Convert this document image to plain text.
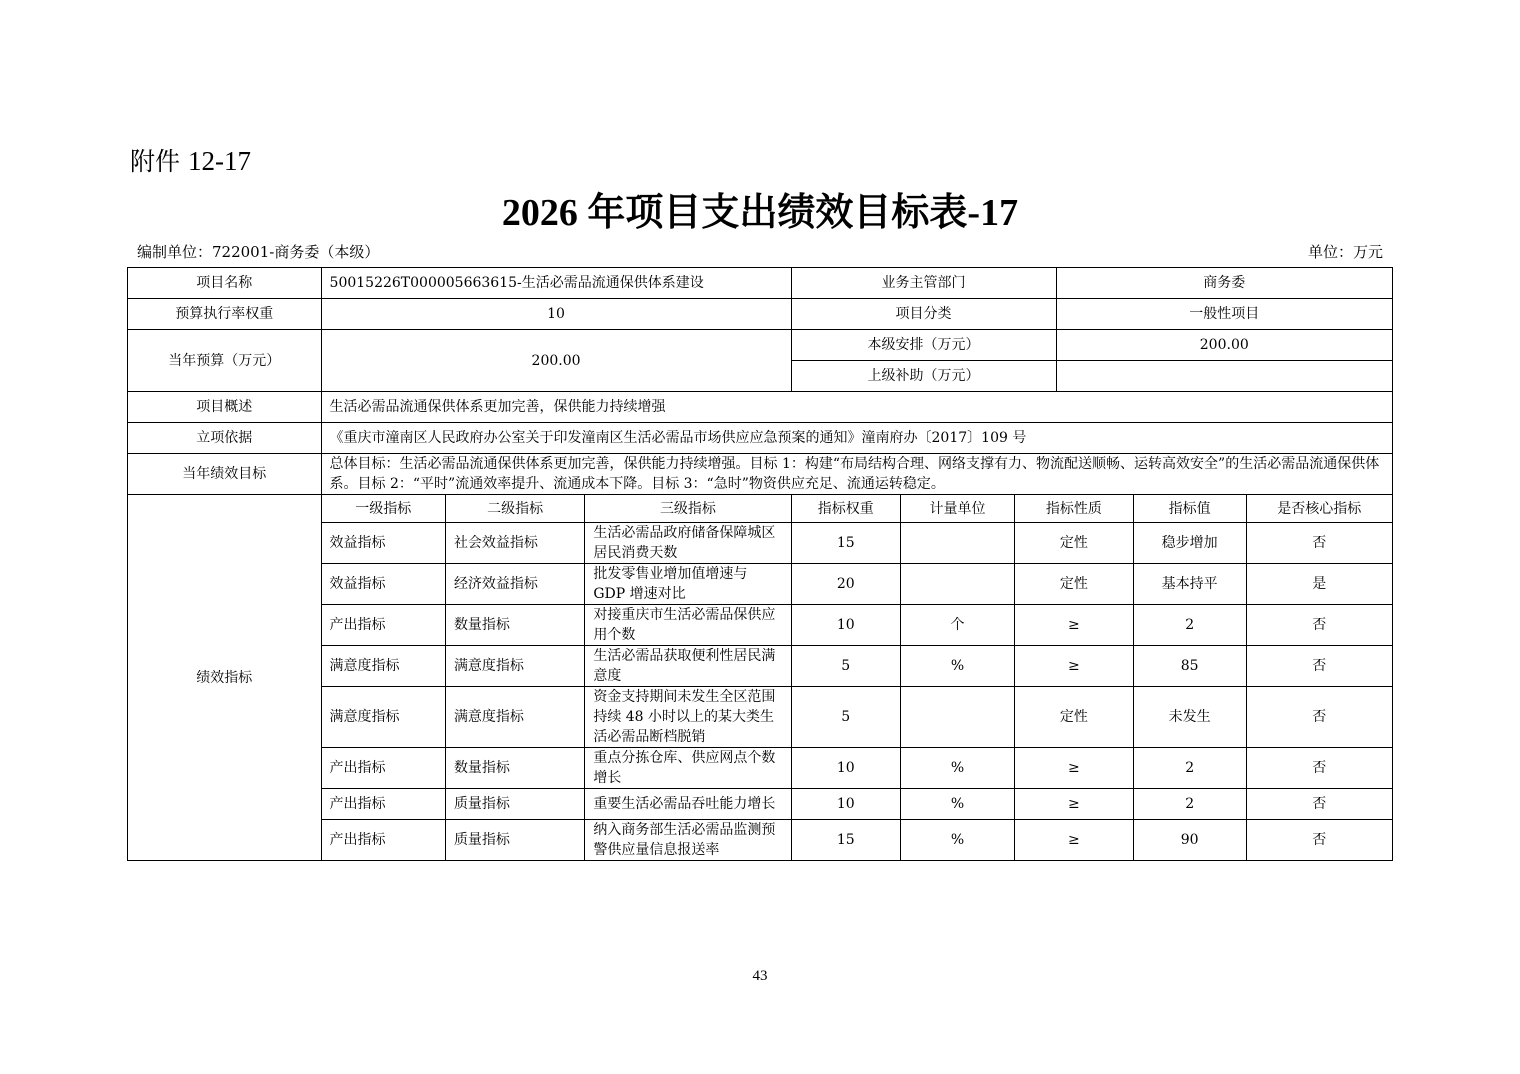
附件 12-17
2026 年项目支出绩效目标表-17
编制单位：722001-商务委（本级）	单位：万元
项目名称	50015226T000005663615-生活必需品流通保供体系建设			业务主管部门			商务委		
预算执行率权重	10			项目分类			一般性项目		
当年预算（万元）	200.00			本级安排（万元）			200.00		
				上级补助（万元）					
项目概述	生活必需品流通保供体系更加完善，保供能力持续增强								
立项依据	《重庆市潼南区人民政府办公室关于印发潼南区生活必需品市场供应应急预案的通知》潼南府办〔2017〕109 号								
当年绩效目标	总体目标：生活必需品流通保供体系更加完善，保供能力持续增强。目标 1：构建“布局结构合理、网络支撑有力、物流配送顺畅、运转高效安全”的生活必需品流通保供体系。目标 2：“平时”流通效率提升、流通成本下降。目标 3：“急时”物资供应充足、流通运转稳定。								
绩效指标	一级指标	二级指标	三级指标	指标权重	计量单位	指标性质		指标值	是否核心指标
	效益指标	社会效益指标	生活必需品政府储备保障城区居民消费天数	15		定性		稳步增加	否
	效益指标	经济效益指标	批发零售业增加值增速与 GDP 增速对比	20		定性		基本持平	是
	产出指标	数量指标	对接重庆市生活必需品保供应用个数	10	个	≥		2	否
	满意度指标	满意度指标	生活必需品获取便利性居民满意度	5	%	≥		85	否
	满意度指标	满意度指标	资金支持期间未发生全区范围持续 48 小时以上的某大类生活必需品断档脱销	5		定性		未发生	否
	产出指标	数量指标	重点分拣仓库、供应网点个数增长	10	%	≥		2	否
	产出指标	质量指标	重要生活必需品吞吐能力增长	10	%	≥		2	否
	产出指标	质量指标	纳入商务部生活必需品监测预警供应量信息报送率	15	%	≥		90	否
43
